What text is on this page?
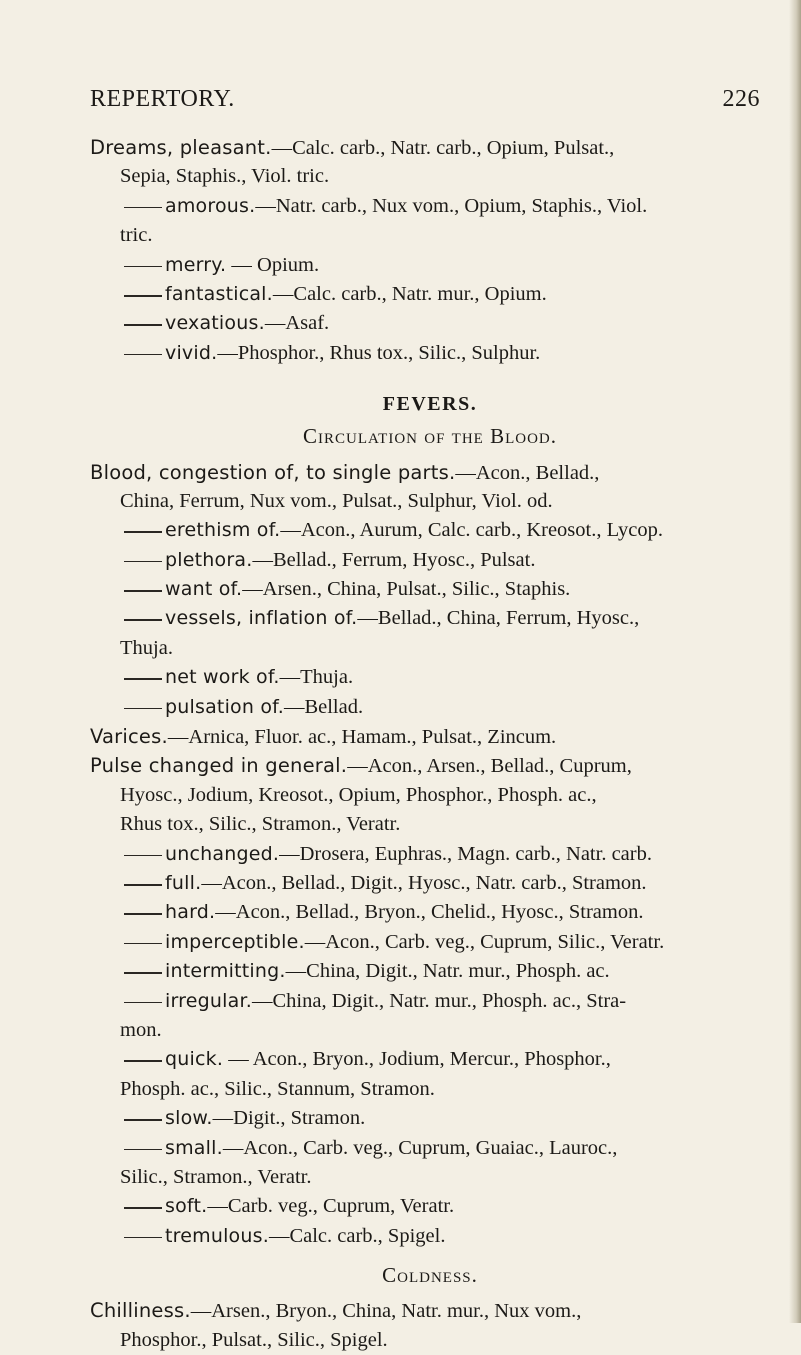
REPERTORY.	226
Dreams, pleasant.—Calc. carb., Natr. carb., Opium, Pulsat.,
Sepia, Staphis., Viol. tric.
amorous.—Natr. carb., Nux vom., Opium, Staphis., Viol.
tric.
merry. — Opium.
fantastical.—Calc. carb., Natr. mur., Opium.
vexatious.—Asaf.
vivid.—Phosphor., Rhus tox., Silic., Sulphur.
FEVERS.
Circulation of the Blood.
Blood, congestion of, to single parts.—Acon., Bellad.,
China, Ferrum, Nux vom., Pulsat., Sulphur, Viol. od.
erethism of.—Acon., Aurum, Calc. carb., Kreosot., Lycop.
plethora.—Bellad., Ferrum, Hyosc., Pulsat.
want of.—Arsen., China, Pulsat., Silic., Staphis.
vessels, inflation of.—Bellad., China, Ferrum, Hyosc.,
Thuja.
net work of.—Thuja.
pulsation of.—Bellad.
Varices.—Arnica, Fluor. ac., Hamam., Pulsat., Zincum.
Pulse changed in general.—Acon., Arsen., Bellad., Cuprum,
Hyosc., Jodium, Kreosot., Opium, Phosphor., Phosph. ac.,
Rhus tox., Silic., Stramon., Veratr.
unchanged.—Drosera, Euphras., Magn. carb., Natr. carb.
full.—Acon., Bellad., Digit., Hyosc., Natr. carb., Stramon.
hard.—Acon., Bellad., Bryon., Chelid., Hyosc., Stramon.
imperceptible.—Acon., Carb. veg., Cuprum, Silic., Veratr.
intermitting.—China, Digit., Natr. mur., Phosph. ac.
irregular.—China, Digit., Natr. mur., Phosph. ac., Stra-
mon.
quick. — Acon., Bryon., Jodium, Mercur., Phosphor.,
Phosph. ac., Silic., Stannum, Stramon.
slow.—Digit., Stramon.
small.—Acon., Carb. veg., Cuprum, Guaiac., Lauroc.,
Silic., Stramon., Veratr.
soft.—Carb. veg., Cuprum, Veratr.
tremulous.—Calc. carb., Spigel.
Coldness.
Chilliness.—Arsen., Bryon., China, Natr. mur., Nux vom.,
Phosphor., Pulsat., Silic., Spigel.
